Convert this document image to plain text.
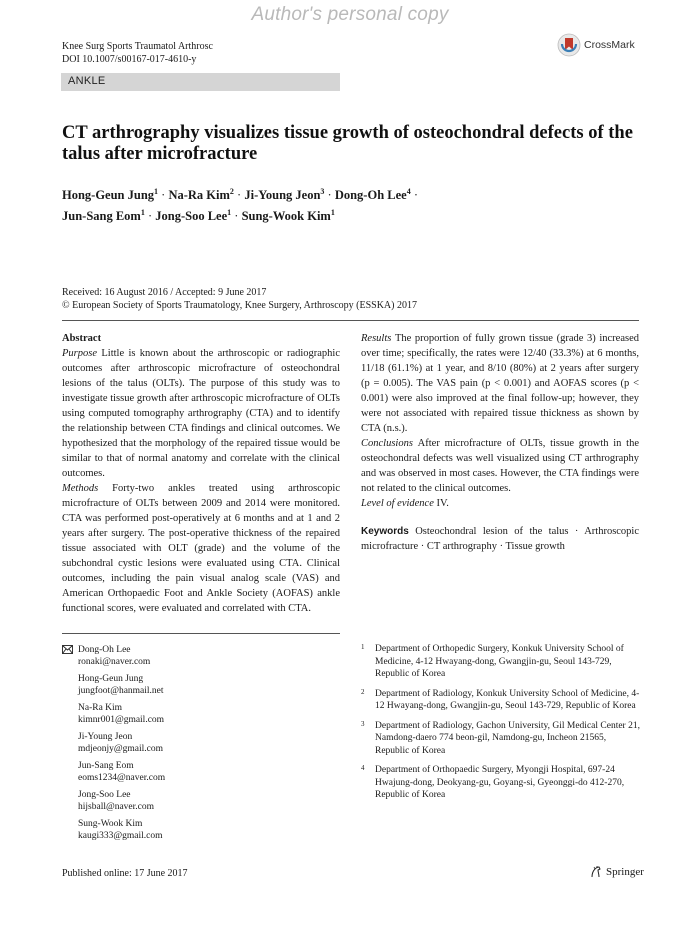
Author's personal copy
Knee Surg Sports Traumatol Arthrosc
DOI 10.1007/s00167-017-4610-y
CrossMark
ANKLE
CT arthrography visualizes tissue growth of osteochondral defects of the talus after microfracture
Hong-Geun Jung$^1$ · Na-Ra Kim$^2$ · Ji-Young Jeon$^3$ · Dong-Oh Lee$^4$ ·
Jun-Sang Eom$^1$ · Jong-Soo Lee$^1$ · Sung-Wook Kim$^1$
Received: 16 August 2016 / Accepted: 9 June 2017
© European Society of Sports Traumatology, Knee Surgery, Arthroscopy (ESSKA) 2017

Abstract

Purpose Little is known about the arthroscopic or radiographic outcomes after arthroscopic microfracture of osteochondral lesions of the talus (OLTs). The purpose of this study was to investigate tissue growth after arthroscopic microfracture of OLTs using computed tomography arthrography (CTA) and to identify the relationship between CTA findings and clinical outcomes. We hypothesized that the morphology of the repaired tissue would be similar to that of normal anatomy and correlate with the clinical outcomes.

Methods Forty-two ankles treated using arthroscopic microfracture of OLTs between 2009 and 2014 were monitored. CTA was performed post-operatively at 6 months and at 1 and 2 years after surgery. The post-operative thickness of the repaired tissue associated with OLT (grade) and the volume of the subchondral cystic lesions were evaluated using CTA. Clinical outcomes, including the pain visual analog scale (VAS) and American Orthopaedic Foot and Ankle Society (AOFAS) ankle functional scores, were evaluated and correlated with CTA.

Results The proportion of fully grown tissue (grade 3) increased over time; specifically, the rates were 12/40 (33.3%) at 6 months, 11/18 (61.1%) at 1 year, and 8/10 (80%) at 2 years after surgery (p = 0.005). The VAS pain (p < 0.001) and AOFAS scores (p < 0.001) were also improved at the final follow-up; however, they were not associated with repaired tissue thickness as shown by CTA (n.s.).

Conclusions After microfracture of OLTs, tissue growth in the osteochondral defects was well visualized using CT arthrography and was observed in most cases. However, the CTA findings were not related to the clinical outcomes.

Level of evidence IV.

Keywords Osteochondral lesion of the talus · Arthroscopic microfracture · CT arthrography · Tissue growth

Dong-Oh Lee
ronaki@naver.com
Hong-Geun Jung
jungfoot@hanmail.net
Na-Ra Kim
kimnr001@gmail.com
Ji-Young Jeon
mdjeonjy@gmail.com
Jun-Sang Eom
eoms1234@naver.com
Jong-Soo Lee
hijsball@naver.com
Sung-Wook Kim
kaugi333@gmail.com
1	Department of Orthopedic Surgery, Konkuk University School of Medicine, 4-12 Hwayang-dong, Gwangjin-gu, Seoul 143-729, Republic of Korea
2	Department of Radiology, Konkuk University School of Medicine, 4-12 Hwayang-dong, Gwangjin-gu, Seoul 143-729, Republic of Korea
3	Department of Radiology, Gachon University, Gil Medical Center 21, Namdong-daero 774 beon-gil, Namdong-gu, Incheon 21565, Republic of Korea
4	Department of Orthopaedic Surgery, Myongji Hospital, 697-24 Hwajung-dong, Deokyang-gu, Goyang-si, Gyeonggi-do 412-270, Republic of Korea
Published online: 17 June 2017	Springer
